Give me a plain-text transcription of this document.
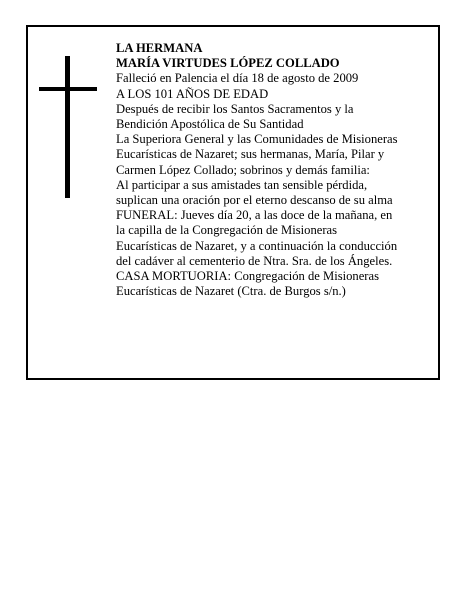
LA HERMANA
MARÍA VIRTUDES LÓPEZ COLLADO
Falleció en Palencia el día 18 de agosto de 2009
A LOS 101 AÑOS DE EDAD
Después de recibir los Santos Sacramentos y la
Bendición Apostólica de Su Santidad
La Superiora General y las Comunidades de Misioneras
Eucarísticas de Nazaret; sus hermanas, María, Pilar y
Carmen López Collado; sobrinos y demás familia:
Al participar a sus amistades tan sensible pérdida,
suplican una oración por el eterno descanso de su alma
FUNERAL: Jueves día 20, a las doce de la mañana, en
la capilla de la Congregación de Misioneras
Eucarísticas de Nazaret, y a continuación la conducción
del cadáver al cementerio de Ntra. Sra. de los Ángeles.
CASA MORTUORIA: Congregación de Misioneras
Eucarísticas de Nazaret (Ctra. de Burgos s/n.)
